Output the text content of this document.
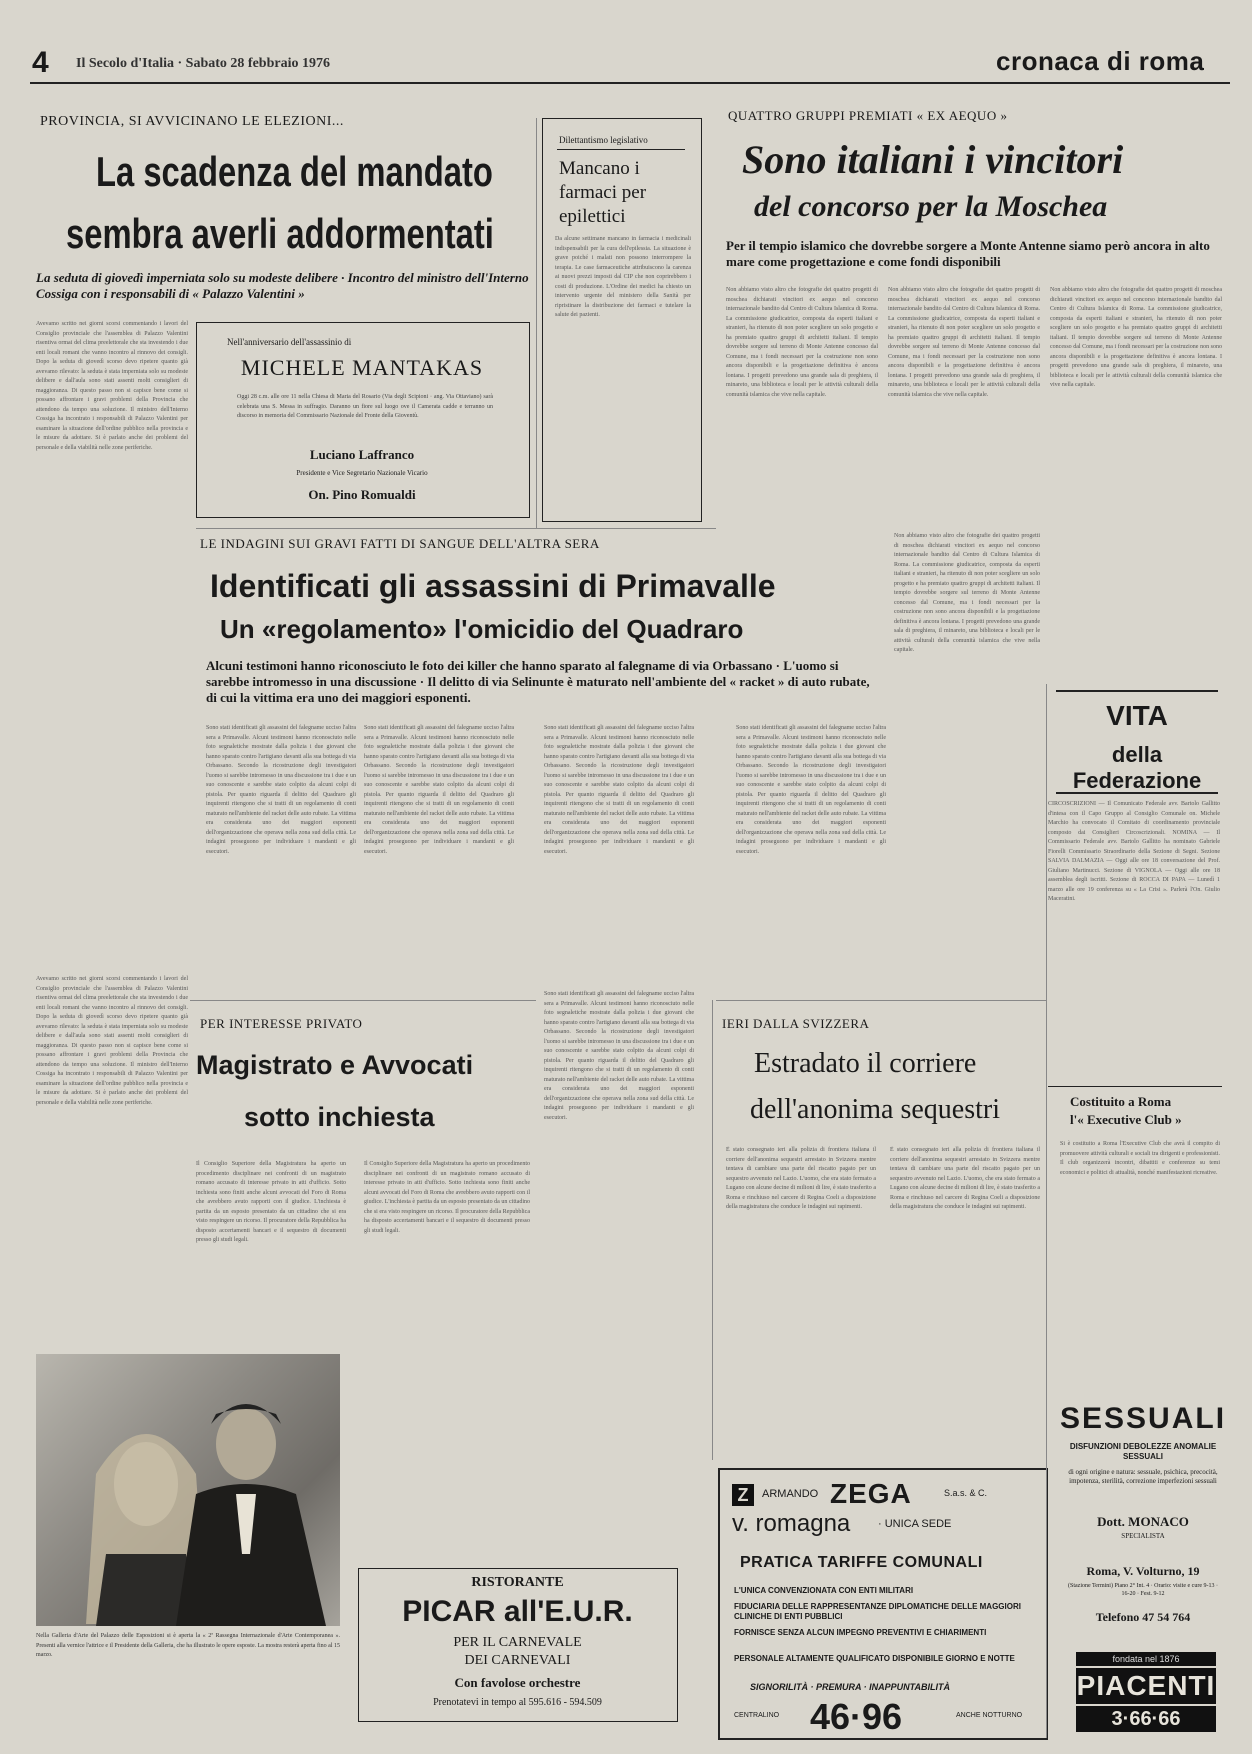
4 Il Secolo d'Italia · Sabato 28 febbraio 1976	cronaca di roma
PROVINCIA, SI AVVICINANO LE ELEZIONI...
La scadenza del mandato
sembra averli addormentati
La seduta di giovedì imperniata solo su modeste delibere · Incontro del ministro dell'Interno Cossiga con i responsabili di « Palazzo Valentini »
Avevamo scritto nei giorni scorsi commentando i lavori del Consiglio provinciale che l'assemblea di Palazzo Valentini risentiva ormai del clima preelettorale che sta investendo i due enti locali romani che vanno incontro al rinnovo dei consigli. Dopo la seduta di giovedì scorso devo ripetere quanto già avevamo rilevato: la seduta è stata imperniata solo su modeste delibere e dall'aula sono stati assenti molti consiglieri di maggioranza. Di questo passo non si capisce bene come si possano affrontare i gravi problemi della Provincia che attendono da tempo una soluzione. Il ministro dell'Interno Cossiga ha incontrato i responsabili di Palazzo Valentini per esaminare la situazione dell'ordine pubblico nella provincia e le misure da adottare. Si è parlato anche dei problemi del personale e della viabilità nelle zone periferiche.
Avevamo scritto nei giorni scorsi commentando i lavori del Consiglio provinciale che l'assemblea di Palazzo Valentini risentiva ormai del clima preelettorale che sta investendo i due enti locali romani che vanno incontro al rinnovo dei consigli. Dopo la seduta di giovedì scorso devo ripetere quanto già avevamo rilevato: la seduta è stata imperniata solo su modeste delibere e dall'aula sono stati assenti molti consiglieri di maggioranza. Di questo passo non si capisce bene come si possano affrontare i gravi problemi della Provincia che attendono da tempo una soluzione. Il ministro dell'Interno Cossiga ha incontrato i responsabili di Palazzo Valentini per esaminare la situazione dell'ordine pubblico nella provincia e le misure da adottare. Si è parlato anche dei problemi del personale e della viabilità nelle zone periferiche.
Nell'anniversario dell'assassinio di
MICHELE MANTAKAS
Oggi 28 c.m. alle ore 11 nella Chiesa di Maria del Rosario (Via degli Scipioni · ang. Via Ottaviano) sarà celebrata una S. Messa in suffragio. Daranno un fiore sul luogo ove il Camerata cadde e terranno un discorso in memoria del Commissario Nazionale del Fronte della Gioventù.
Luciano Laffranco
Presidente e Vice Segretario Nazionale Vicario
On. Pino Romualdi
Dilettantismo legislativo
Mancano i farmaci per epilettici
Da alcune settimane mancano in farmacia i medicinali indispensabili per la cura dell'epilessia. La situazione è grave poiché i malati non possono interrompere la terapia. Le case farmaceutiche attribuiscono la carenza ai nuovi prezzi imposti dal CIP che non coprirebbero i costi di produzione. L'Ordine dei medici ha chiesto un intervento urgente del ministero della Sanità per ripristinare la distribuzione dei farmaci e tutelare la salute dei pazienti.
QUATTRO GRUPPI PREMIATI « EX AEQUO »
Sono italiani i vincitori
del concorso per la Moschea
Per il tempio islamico che dovrebbe sorgere a Monte Antenne siamo però ancora in alto mare come progettazione e come fondi disponibili
Non abbiamo visto altro che fotografie dei quattro progetti di moschea dichiarati vincitori ex aequo nel concorso internazionale bandito dal Centro di Cultura Islamica di Roma. La commissione giudicatrice, composta da esperti italiani e stranieri, ha ritenuto di non poter scegliere un solo progetto e ha premiato quattro gruppi di architetti italiani. Il tempio dovrebbe sorgere sul terreno di Monte Antenne concesso dal Comune, ma i fondi necessari per la costruzione non sono ancora disponibili e la progettazione definitiva è ancora lontana. I progetti prevedono una grande sala di preghiera, il minareto, una biblioteca e locali per le attività culturali della comunità islamica che vive nella capitale.
Non abbiamo visto altro che fotografie dei quattro progetti di moschea dichiarati vincitori ex aequo nel concorso internazionale bandito dal Centro di Cultura Islamica di Roma. La commissione giudicatrice, composta da esperti italiani e stranieri, ha ritenuto di non poter scegliere un solo progetto e ha premiato quattro gruppi di architetti italiani. Il tempio dovrebbe sorgere sul terreno di Monte Antenne concesso dal Comune, ma i fondi necessari per la costruzione non sono ancora disponibili e la progettazione definitiva è ancora lontana. I progetti prevedono una grande sala di preghiera, il minareto, una biblioteca e locali per le attività culturali della comunità islamica che vive nella capitale.
Non abbiamo visto altro che fotografie dei quattro progetti di moschea dichiarati vincitori ex aequo nel concorso internazionale bandito dal Centro di Cultura Islamica di Roma. La commissione giudicatrice, composta da esperti italiani e stranieri, ha ritenuto di non poter scegliere un solo progetto e ha premiato quattro gruppi di architetti italiani. Il tempio dovrebbe sorgere sul terreno di Monte Antenne concesso dal Comune, ma i fondi necessari per la costruzione non sono ancora disponibili e la progettazione definitiva è ancora lontana. I progetti prevedono una grande sala di preghiera, il minareto, una biblioteca e locali per le attività culturali della comunità islamica che vive nella capitale.
Non abbiamo visto altro che fotografie dei quattro progetti di moschea dichiarati vincitori ex aequo nel concorso internazionale bandito dal Centro di Cultura Islamica di Roma. La commissione giudicatrice, composta da esperti italiani e stranieri, ha ritenuto di non poter scegliere un solo progetto e ha premiato quattro gruppi di architetti italiani. Il tempio dovrebbe sorgere sul terreno di Monte Antenne concesso dal Comune, ma i fondi necessari per la costruzione non sono ancora disponibili e la progettazione definitiva è ancora lontana. I progetti prevedono una grande sala di preghiera, il minareto, una biblioteca e locali per le attività culturali della comunità islamica che vive nella capitale.
VITA
della Federazione
CIRCOSCRIZIONI — Il Comunicato Federale avv. Bartolo Gallitto d'intesa con il Capo Gruppo al Consiglio Comunale on. Michele Marchio ha convocato il Comitato di coordinamento provinciale composto dai Consiglieri Circoscrizionali. NOMINA — Il Commissario Federale avv. Bartolo Gallitto ha nominato Gabriele Fiorelli Commissario Straordinario della Sezione di Segni. Sezione SALVIA DALMAZIA — Oggi alle ore 18 conversazione del Prof. Giuliano Martinucci. Sezione di VIGNOLA — Oggi alle ore 18 assemblea degli iscritti. Sezione di ROCCA DI PAPA — Lunedì 1 marzo alle ore 19 conferenza su « La Crisi ». Parlerà l'On. Giulio Maceratini.
Costituito a Roma
l'« Executive Club »
Si è costituito a Roma l'Executive Club che avrà il compito di promuovere attività culturali e sociali tra dirigenti e professionisti. Il club organizzerà incontri, dibattiti e conferenze su temi economici e politici di attualità, nonché manifestazioni ricreative.
LE INDAGINI SUI GRAVI FATTI DI SANGUE DELL'ALTRA SERA
Identificati gli assassini di Primavalle
Un «regolamento» l'omicidio del Quadraro
Alcuni testimoni hanno riconosciuto le foto dei killer che hanno sparato al falegname di via Orbassano · L'uomo si sarebbe intromesso in una discussione · Il delitto di via Selinunte è maturato nell'ambiente del « racket » di auto rubate, di cui la vittima era uno dei maggiori esponenti.
Sono stati identificati gli assassini del falegname ucciso l'altra sera a Primavalle. Alcuni testimoni hanno riconosciuto nelle foto segnaletiche mostrate dalla polizia i due giovani che hanno sparato contro l'artigiano davanti alla sua bottega di via Orbassano. Secondo la ricostruzione degli investigatori l'uomo si sarebbe intromesso in una discussione tra i due e un suo conoscente e sarebbe stato colpito da alcuni colpi di pistola. Per quanto riguarda il delitto del Quadraro gli inquirenti ritengono che si tratti di un regolamento di conti maturato nell'ambiente del racket delle auto rubate. La vittima era considerata uno dei maggiori esponenti dell'organizzazione che operava nella zona sud della città. Le indagini proseguono per individuare i mandanti e gli esecutori.
Sono stati identificati gli assassini del falegname ucciso l'altra sera a Primavalle. Alcuni testimoni hanno riconosciuto nelle foto segnaletiche mostrate dalla polizia i due giovani che hanno sparato contro l'artigiano davanti alla sua bottega di via Orbassano. Secondo la ricostruzione degli investigatori l'uomo si sarebbe intromesso in una discussione tra i due e un suo conoscente e sarebbe stato colpito da alcuni colpi di pistola. Per quanto riguarda il delitto del Quadraro gli inquirenti ritengono che si tratti di un regolamento di conti maturato nell'ambiente del racket delle auto rubate. La vittima era considerata uno dei maggiori esponenti dell'organizzazione che operava nella zona sud della città. Le indagini proseguono per individuare i mandanti e gli esecutori.
Sono stati identificati gli assassini del falegname ucciso l'altra sera a Primavalle. Alcuni testimoni hanno riconosciuto nelle foto segnaletiche mostrate dalla polizia i due giovani che hanno sparato contro l'artigiano davanti alla sua bottega di via Orbassano. Secondo la ricostruzione degli investigatori l'uomo si sarebbe intromesso in una discussione tra i due e un suo conoscente e sarebbe stato colpito da alcuni colpi di pistola. Per quanto riguarda il delitto del Quadraro gli inquirenti ritengono che si tratti di un regolamento di conti maturato nell'ambiente del racket delle auto rubate. La vittima era considerata uno dei maggiori esponenti dell'organizzazione che operava nella zona sud della città. Le indagini proseguono per individuare i mandanti e gli esecutori.
Sono stati identificati gli assassini del falegname ucciso l'altra sera a Primavalle. Alcuni testimoni hanno riconosciuto nelle foto segnaletiche mostrate dalla polizia i due giovani che hanno sparato contro l'artigiano davanti alla sua bottega di via Orbassano. Secondo la ricostruzione degli investigatori l'uomo si sarebbe intromesso in una discussione tra i due e un suo conoscente e sarebbe stato colpito da alcuni colpi di pistola. Per quanto riguarda il delitto del Quadraro gli inquirenti ritengono che si tratti di un regolamento di conti maturato nell'ambiente del racket delle auto rubate. La vittima era considerata uno dei maggiori esponenti dell'organizzazione che operava nella zona sud della città. Le indagini proseguono per individuare i mandanti e gli esecutori.
Sono stati identificati gli assassini del falegname ucciso l'altra sera a Primavalle. Alcuni testimoni hanno riconosciuto nelle foto segnaletiche mostrate dalla polizia i due giovani che hanno sparato contro l'artigiano davanti alla sua bottega di via Orbassano. Secondo la ricostruzione degli investigatori l'uomo si sarebbe intromesso in una discussione tra i due e un suo conoscente e sarebbe stato colpito da alcuni colpi di pistola. Per quanto riguarda il delitto del Quadraro gli inquirenti ritengono che si tratti di un regolamento di conti maturato nell'ambiente del racket delle auto rubate. La vittima era considerata uno dei maggiori esponenti dell'organizzazione che operava nella zona sud della città. Le indagini proseguono per individuare i mandanti e gli esecutori.
PER INTERESSE PRIVATO
Magistrato e Avvocati
sotto inchiesta
Il Consiglio Superiore della Magistratura ha aperto un procedimento disciplinare nei confronti di un magistrato romano accusato di interesse privato in atti d'ufficio. Sotto inchiesta sono finiti anche alcuni avvocati del Foro di Roma che avrebbero avuto rapporti con il giudice. L'inchiesta è partita da un esposto presentato da un cittadino che si era visto respingere un ricorso. Il procuratore della Repubblica ha disposto accertamenti bancari e il sequestro di documenti presso gli studi legali.
Il Consiglio Superiore della Magistratura ha aperto un procedimento disciplinare nei confronti di un magistrato romano accusato di interesse privato in atti d'ufficio. Sotto inchiesta sono finiti anche alcuni avvocati del Foro di Roma che avrebbero avuto rapporti con il giudice. L'inchiesta è partita da un esposto presentato da un cittadino che si era visto respingere un ricorso. Il procuratore della Repubblica ha disposto accertamenti bancari e il sequestro di documenti presso gli studi legali.
IERI DALLA SVIZZERA
Estradato il corriere
dell'anonima sequestri
È stato consegnato ieri alla polizia di frontiera italiana il corriere dell'anonima sequestri arrestato in Svizzera mentre tentava di cambiare una parte del riscatto pagato per un sequestro avvenuto nel Lazio. L'uomo, che era stato fermato a Lugano con alcune decine di milioni di lire, è stato trasferito a Roma e rinchiuso nel carcere di Regina Coeli a disposizione della magistratura che conduce le indagini sui rapimenti.
È stato consegnato ieri alla polizia di frontiera italiana il corriere dell'anonima sequestri arrestato in Svizzera mentre tentava di cambiare una parte del riscatto pagato per un sequestro avvenuto nel Lazio. L'uomo, che era stato fermato a Lugano con alcune decine di milioni di lire, è stato trasferito a Roma e rinchiuso nel carcere di Regina Coeli a disposizione della magistratura che conduce le indagini sui rapimenti.
Nella Galleria d'Arte del Palazzo delle Esposizioni si è aperta la « 2ª Rassegna Internazionale d'Arte Contemporanea ». Presenti alla vernice l'attrice e il Presidente della Galleria, che ha illustrato le opere esposte. La mostra resterà aperta fino al 15 marzo.
RISTORANTE
PICAR all'E.U.R.
PER IL CARNEVALE
DEI CARNEVALI
Con favolose orchestre
Prenotatevi in tempo al 595.616 - 594.509
Z	ARMANDO ZEGA	S.a.s. & C.
v. romagna	· UNICA SEDE
PRATICA TARIFFE COMUNALI
L'UNICA CONVENZIONATA CON ENTI MILITARI
FIDUCIARIA DELLE RAPPRESENTANZE DIPLOMATICHE DELLE MAGGIORI CLINICHE DI ENTI PUBBLICI
FORNISCE SENZA ALCUN IMPEGNO PREVENTIVI E CHIARIMENTI
PERSONALE ALTAMENTE QUALIFICATO DISPONIBILE GIORNO E NOTTE
SIGNORILITÀ · PREMURA · INAPPUNTABILITÀ
CENTRALINO 46·96	ANCHE NOTTURNO
SESSUALI
DISFUNZIONI DEBOLEZZE ANOMALIE SESSUALI
di ogni origine e natura: sessuale, psichica, precocità, impotenza, sterilità, correzione imperfezioni sessuali
Dott. MONACO
SPECIALISTA
Roma, V. Volturno, 19
(Stazione Termini) Piano 2° Int. 4 · Orario: visite e cure 9-13 · 16-20 · Fest. 9-12
Telefono 47 54 764
fondata nel 1876
PIACENTI
3·66·66
